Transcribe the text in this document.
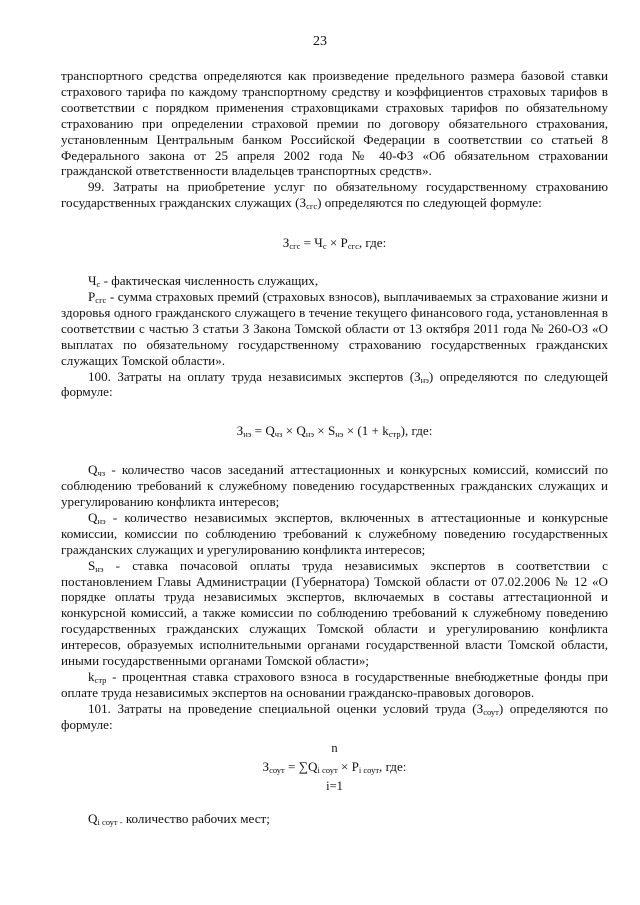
23

транспортного средства определяются как произведение предельного размера базовой ставки страхового тарифа по каждому транспортному средству и коэффициентов страховых тарифов в соответствии с порядком применения страховщиками страховых тарифов по обязательному страхованию при определении страховой премии по договору обязательного страхования, установленным Центральным банком Российской Федерации в соответствии со статьей 8 Федерального закона от 25 апреля 2002 года № 40-ФЗ «Об обязательном страховании гражданской ответственности владельцев транспортных средств».

99. Затраты на приобретение услуг по обязательному государственному страхованию государственных гражданских служащих $(З_{сгс})$ определяются по следующей формуле:

$З_{сгс} = Ч_с \times Р_{сгс}$, где:

$Ч_с$ - фактическая численность служащих,

$Р_{сгс}$ - сумма страховых премий (страховых взносов), выплачиваемых за страхование жизни и здоровья одного гражданского служащего в течение текущего финансового года, установленная в соответствии с частью 3 статьи 3 Закона Томской области от 13 октября 2011 года № 260-ОЗ «О выплатах по обязательному государственному страхованию государственных гражданских служащих Томской области».

100. Затраты на оплату труда независимых экспертов $(З_{нэ})$ определяются по следующей формуле:

$З_{нэ} = Q_{чз} \times Q_{нэ} \times S_{нэ} \times (1 + k_{стр})$, где:

$Q_{чз}$ - количество часов заседаний аттестационных и конкурсных комиссий, комиссий по соблюдению требований к служебному поведению государственных гражданских служащих и урегулированию конфликта интересов;

$Q_{нэ}$ - количество независимых экспертов, включенных в аттестационные и конкурсные комиссии, комиссии по соблюдению требований к служебному поведению государственных гражданских служащих и урегулированию конфликта интересов;

$S_{нэ}$ - ставка почасовой оплаты труда независимых экспертов в соответствии с постановлением Главы Администрации (Губернатора) Томской области от 07.02.2006 № 12 «О порядке оплаты труда независимых экспертов, включаемых в составы аттестационной и конкурсной комиссий, а также комиссии по соблюдению требований к служебному поведению государственных гражданских служащих Томской области и урегулированию конфликта интересов, образуемых исполнительными органами государственной власти Томской области, иными государственными органами Томской области»;

$k_{стр}$ - процентная ставка страхового взноса в государственные внебюджетные фонды при оплате труда независимых экспертов на основании гражданско-правовых договоров.

101. Затраты на проведение специальной оценки условий труда $(З_{соут})$ определяются по формуле:

n
$З_{соут} = \sum Q_{i соут} \times P_{i соут}$, где:
i=1

$Q_{i соут -}$ количество рабочих мест;
